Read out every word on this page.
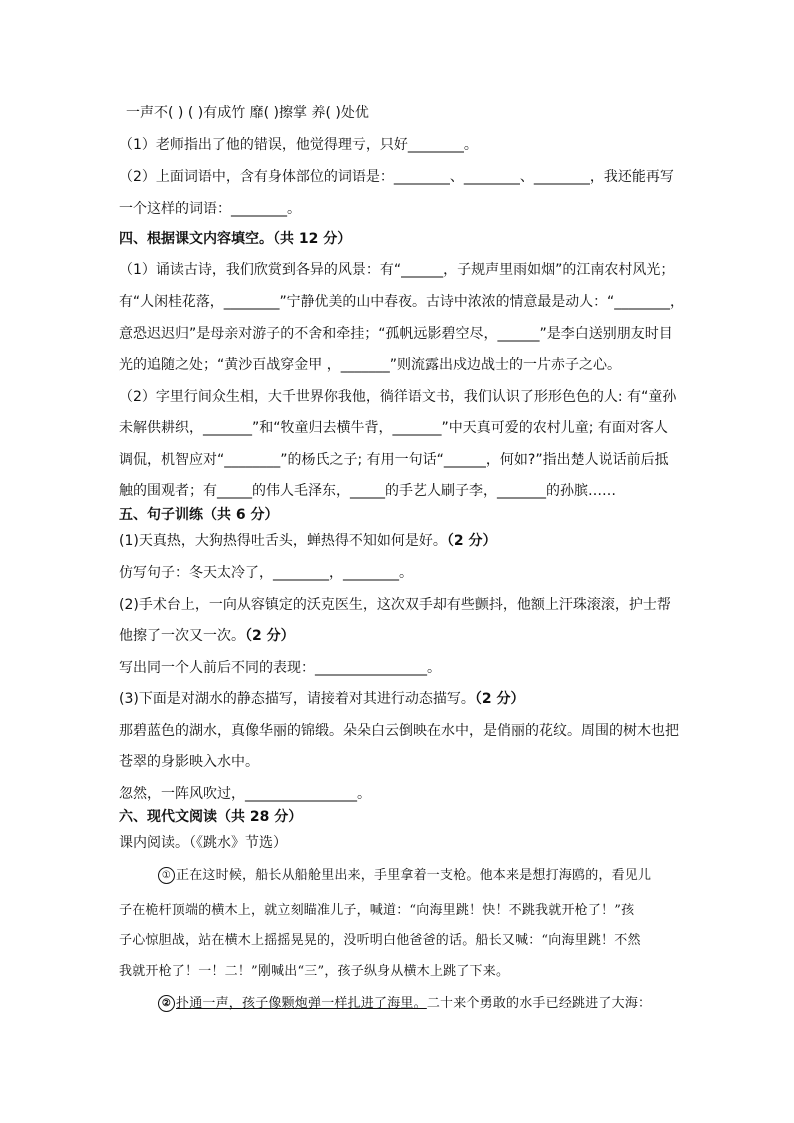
一声不( ) ( )有成竹 靡( )擦掌 养( )处优
（1）老师指出了他的错误，他觉得理亏，只好________。
（2）上面词语中，含有身体部位的词语是：________、________、________，我还能再写
一个这样的词语：________。
四、根据课文内容填空。（共 12 分）
（1）诵读古诗，我们欣赏到各异的风景：有“______，子规声里雨如烟”的江南农村风光；
有“人闲桂花落，________”宁静优美的山中春夜。古诗中浓浓的情意最是动人：“________，
意恐迟迟归”是母亲对游子的不舍和牵挂；“孤帆远影碧空尽，______”是李白送别朋友时目
光的追随之处；“黄沙百战穿金甲 ，_______”则流露出戍边战士的一片赤子之心。
（2）字里行间众生相，大千世界你我他，徜徉语文书，我们认识了形形色色的人: 有“童孙
未解供耕织，_______”和“牧童归去横牛背，_______”中天真可爱的农村儿童; 有面对客人
调侃，机智应对“________”的杨氏之子; 有用一句话“______，何如?”指出楚人说话前后抵
触的围观者；有_____的伟人毛泽东，_____的手艺人刷子李，_______的孙膑……
五、句子训练（共 6 分）
(1)天真热，大狗热得吐舌头，蝉热得不知如何是好。（2 分）
仿写句子：冬天太冷了，________，________。
(2)手术台上，一向从容镇定的沃克医生，这次双手却有些颤抖，他额上汗珠滚滚，护士帮
他擦了一次又一次。（2 分）
写出同一个人前后不同的表现：________________。
(3)下面是对湖水的静态描写，请接着对其进行动态描写。（2 分）
那碧蓝色的湖水，真像华丽的锦缎。朵朵白云倒映在水中，是俏丽的花纹。周围的树木也把
苍翠的身影映入水中。
忽然，一阵风吹过，________________。
六、现代文阅读（共 28 分）
课内阅读。（《跳水》节选）
① 正在这时候，船长从船舱里出来，手里拿着一支枪。他本来是想打海鸥的，看见儿
子在桅杆顶端的横木上，就立刻瞄准儿子，喊道：“向海里跳！快！不跳我就开枪了！”孩
子心惊胆战，站在横木上摇摇晃晃的，没听明白他爸爸的话。船长又喊：“向海里跳！不然
我就开枪了！一！二！”刚喊出“三”，孩子纵身从横木上跳了下来。
② 扑通一声，孩子像颗炮弹一样扎进了海里。二十来个勇敢的水手已经跳进了大海：
